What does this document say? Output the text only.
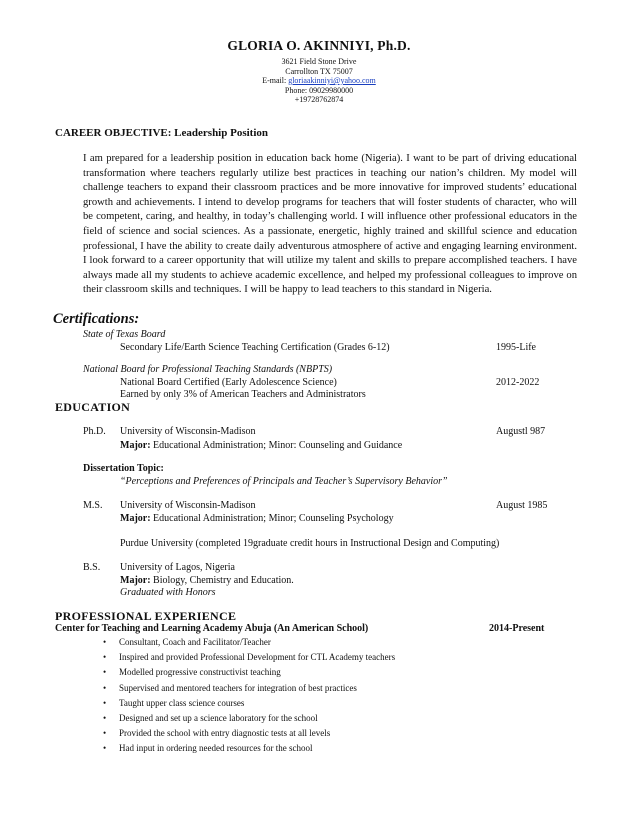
GLORIA O. AKINNIYI, Ph.D.
3621 Field Stone Drive
Carrollton TX 75007
E-mail: gloriaakinniyi@yahoo.com
Phone: 09029980000
+19728762874
CAREER OBJECTIVE: Leadership Position
I am prepared for a leadership position in education back home (Nigeria). I want to be part of driving educational transformation where teachers regularly utilize best practices in teaching our nation’s children. My model will challenge teachers to expand their classroom practices and be more innovative for improved students’ educational growth and achievements. I intend to develop programs for teachers that will foster students of character, who will be competent, caring, and healthy, in today’s challenging world. I will influence other professional educators in the field of science and social sciences. As a passionate, energetic, highly trained and skillful science and education professional, I have the ability to create daily adventurous atmosphere of active and engaging learning environment. I look forward to a career opportunity that will utilize my talent and skills to prepare accomplished teachers. I have always made all my students to achieve academic excellence, and helped my professional colleagues to improve on their classroom skills and techniques. I will be happy to lead teachers to this standard in Nigeria.
Certifications:
State of Texas Board
Secondary Life/Earth Science Teaching Certification (Grades 6-12)	1995-Life
National Board for Professional Teaching Standards (NBPTS)
National Board Certified (Early Adolescence Science)	2012-2022
Earned by only 3% of American Teachers and Administrators
EDUCATION
Ph.D. University of Wisconsin-Madison	Augustl 987
Major: Educational Administration; Minor: Counseling and Guidance
Dissertation Topic:
“Perceptions and Preferences of Principals and Teacher’s Supervisory Behavior”
M.S. University of Wisconsin-Madison	August 1985
Major: Educational Administration; Minor; Counseling Psychology
Purdue University (completed 19graduate credit hours in Instructional Design and Computing)
B.S. University of Lagos, Nigeria
Major: Biology, Chemistry and Education.
Graduated with Honors
PROFESSIONAL EXPERIENCE
Center for Teaching and Learning Academy Abuja (An American School)	2014-Present
• Consultant, Coach and Facilitator/Teacher
• Inspired and provided Professional Development for CTL Academy teachers
• Modelled progressive constructivist teaching
• Supervised and mentored teachers for integration of best practices
• Taught upper class science courses
• Designed and set up a science laboratory for the school
• Provided the school with entry diagnostic tests at all levels
• Had input in ordering needed resources for the school
